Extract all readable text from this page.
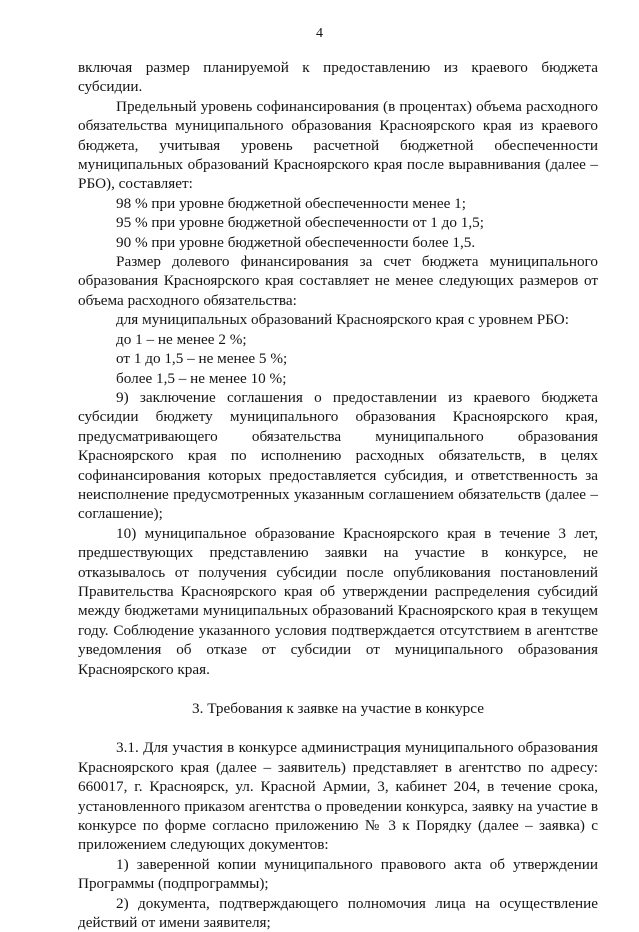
4

включая размер планируемой к предоставлению из краевого бюджета субсидии.

Предельный уровень софинансирования (в процентах) объема расходного обязательства муниципального образования Красноярского края из краевого бюджета, учитывая уровень расчетной бюджетной обеспеченности муниципальных образований Красноярского края после выравнивания (далее – РБО), составляет:

98 % при уровне бюджетной обеспеченности менее 1;

95 % при уровне бюджетной обеспеченности от 1 до 1,5;

90 % при уровне бюджетной обеспеченности более 1,5.

Размер долевого финансирования за счет бюджета муниципального образования Красноярского края составляет не менее следующих размеров от объема расходного обязательства:

для муниципальных образований Красноярского края с уровнем РБО:

до 1 – не менее 2 %;

от 1 до 1,5 – не менее 5 %;

более 1,5 – не менее 10 %;

9) заключение соглашения о предоставлении из краевого бюджета субсидии бюджету муниципального образования Красноярского края, предусматривающего обязательства муниципального образования Красноярского края по исполнению расходных обязательств, в целях софинансирования которых предоставляется субсидия, и ответственность за неисполнение предусмотренных указанным соглашением обязательств (далее – соглашение);

10) муниципальное образование Красноярского края в течение 3 лет, предшествующих представлению заявки на участие в конкурсе, не отказывалось от получения субсидии после опубликования постановлений Правительства Красноярского края об утверждении распределения субсидий между бюджетами муниципальных образований Красноярского края в текущем году. Соблюдение указанного условия подтверждается отсутствием в агентстве уведомления об отказе от субсидии от муниципального образования Красноярского края.

3. Требования к заявке на участие в конкурсе

3.1. Для участия в конкурсе администрация муниципального образования Красноярского края (далее – заявитель) представляет в агентство по адресу: 660017, г. Красноярск, ул. Красной Армии, 3, кабинет 204, в течение срока, установленного приказом агентства о проведении конкурса, заявку на участие в конкурсе по форме согласно приложению № 3 к Порядку (далее – заявка) с приложением следующих документов:

1) заверенной копии муниципального правового акта об утверждении Программы (подпрограммы);

2) документа, подтверждающего полномочия лица на осуществление действий от имени заявителя;
